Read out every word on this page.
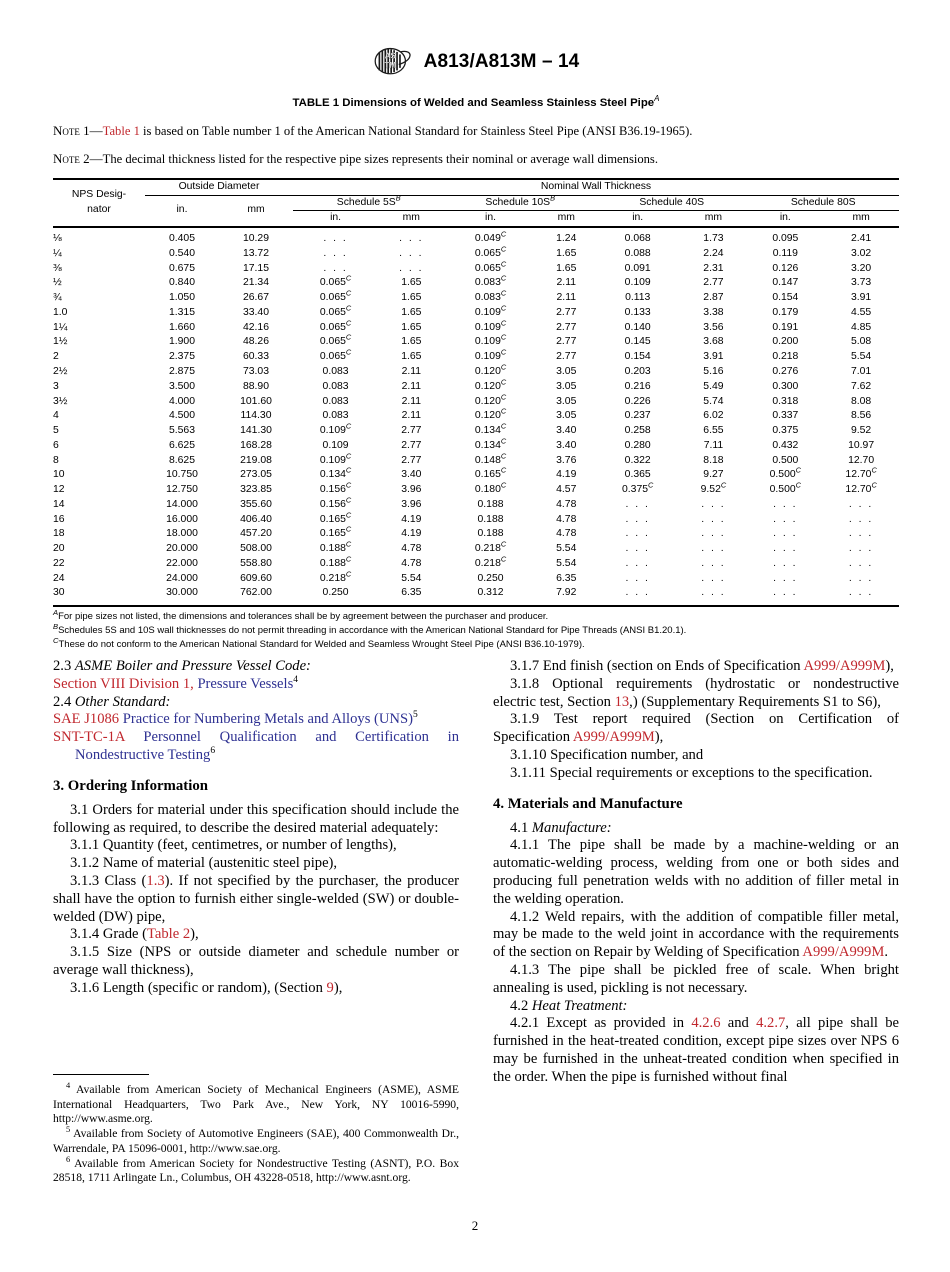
AS
TM A813/A813M – 14
TABLE 1 Dimensions of Welded and Seamless Stainless Steel Pipe$^A$
Note 1—Table 1 is based on Table number 1 of the American National Standard for Stainless Steel Pipe (ANSI B36.19-1965).
Note 2—The decimal thickness listed for the respective pipe sizes represents their nominal or average wall dimensions.
NPS Desig-
nator	Outside Diameter		Nominal Wall Thickness							
	in.	mm	Schedule $5S^B$		Schedule $10S^B$		Schedule 40S		Schedule 80S	
			in.	mm	in.	mm	in.	mm	in.	mm
⅛	0.405	10.29	. . .	. . .	$0.049^C$	1.24	0.068	1.73	0.095	2.41
¼	0.540	13.72	. . .	. . .	$0.065^C$	1.65	0.088	2.24	0.119	3.02
⅜	0.675	17.15	. . .	. . .	$0.065^C$	1.65	0.091	2.31	0.126	3.20
½	0.840	21.34	$0.065^C$	1.65	$0.083^C$	2.11	0.109	2.77	0.147	3.73
¾	1.050	26.67	$0.065^C$	1.65	$0.083^C$	2.11	0.113	2.87	0.154	3.91
1.0	1.315	33.40	$0.065^C$	1.65	$0.109^C$	2.77	0.133	3.38	0.179	4.55
1¼	1.660	42.16	$0.065^C$	1.65	$0.109^C$	2.77	0.140	3.56	0.191	4.85
1½	1.900	48.26	$0.065^C$	1.65	$0.109^C$	2.77	0.145	3.68	0.200	5.08
2	2.375	60.33	$0.065^C$	1.65	$0.109^C$	2.77	0.154	3.91	0.218	5.54
2½	2.875	73.03	0.083	2.11	$0.120^C$	3.05	0.203	5.16	0.276	7.01
3	3.500	88.90	0.083	2.11	$0.120^C$	3.05	0.216	5.49	0.300	7.62
3½	4.000	101.60	0.083	2.11	$0.120^C$	3.05	0.226	5.74	0.318	8.08
4	4.500	114.30	0.083	2.11	$0.120^C$	3.05	0.237	6.02	0.337	8.56
5	5.563	141.30	$0.109^C$	2.77	$0.134^C$	3.40	0.258	6.55	0.375	9.52
6	6.625	168.28	0.109	2.77	$0.134^C$	3.40	0.280	7.11	0.432	10.97
8	8.625	219.08	$0.109^C$	2.77	$0.148^C$	3.76	0.322	8.18	0.500	12.70
10	10.750	273.05	$0.134^C$	3.40	$0.165^C$	4.19	0.365	9.27	$0.500^C$	$12.70^C$
12	12.750	323.85	$0.156^C$	3.96	$0.180^C$	4.57	$0.375^C$	$9.52^C$	$0.500^C$	$12.70^C$
14	14.000	355.60	$0.156^C$	3.96	0.188	4.78	. . .	. . .	. . .	. . .
16	16.000	406.40	$0.165^C$	4.19	0.188	4.78	. . .	. . .	. . .	. . .
18	18.000	457.20	$0.165^C$	4.19	0.188	4.78	. . .	. . .	. . .	. . .
20	20.000	508.00	$0.188^C$	4.78	$0.218^C$	5.54	. . .	. . .	. . .	. . .
22	22.000	558.80	$0.188^C$	4.78	$0.218^C$	5.54	. . .	. . .	. . .	. . .
24	24.000	609.60	$0.218^C$	5.54	0.250	6.35	. . .	. . .	. . .	. . .
30	30.000	762.00	0.250	6.35	0.312	7.92	. . .	. . .	. . .	. . .
$^A$For pipe sizes not listed, the dimensions and tolerances shall be by agreement between the purchaser and producer.
$^B$Schedules 5S and 10S wall thicknesses do not permit threading in accordance with the American National Standard for Pipe Threads (ANSI B1.20.1).
$^C$These do not conform to the American National Standard for Welded and Seamless Wrought Steel Pipe (ANSI B36.10-1979).

2.3 ASME Boiler and Pressure Vessel Code:

Section VIII Division 1, Pressure Vessels$^4$

2.4 Other Standard:

SAE J1086 Practice for Numbering Metals and Alloys (UNS)$^5$

SNT-TC-1A Personnel Qualification and Certification in Nondestructive Testing$^6$

3. Ordering Information

3.1 Orders for material under this specification should include the following as required, to describe the desired material adequately:

3.1.1 Quantity (feet, centimetres, or number of lengths),

3.1.2 Name of material (austenitic steel pipe),

3.1.3 Class (1.3). If not specified by the purchaser, the producer shall have the option to furnish either single-welded (SW) or double-welded (DW) pipe,

3.1.4 Grade (Table 2),

3.1.5 Size (NPS or outside diameter and schedule number or average wall thickness),

3.1.6 Length (specific or random), (Section 9),

3.1.7 End finish (section on Ends of Specification A999/A999M),

3.1.8 Optional requirements (hydrostatic or nondestructive electric test, Section 13,) (Supplementary Requirements S1 to S6),

3.1.9 Test report required (Section on Certification of Specification A999/A999M),

3.1.10 Specification number, and

3.1.11 Special requirements or exceptions to the specification.

4. Materials and Manufacture

4.1 Manufacture:

4.1.1 The pipe shall be made by a machine-welding or an automatic-welding process, welding from one or both sides and producing full penetration welds with no addition of filler metal in the welding operation.

4.1.2 Weld repairs, with the addition of compatible filler metal, may be made to the weld joint in accordance with the requirements of the section on Repair by Welding of Specification A999/A999M.

4.1.3 The pipe shall be pickled free of scale. When bright annealing is used, pickling is not necessary.

4.2 Heat Treatment:

4.2.1 Except as provided in 4.2.6 and 4.2.7, all pipe shall be furnished in the heat-treated condition, except pipe sizes over NPS 6 may be furnished in the unheat-treated condition when specified in the order. When the pipe is furnished without final

$^4$ Available from American Society of Mechanical Engineers (ASME), ASME International Headquarters, Two Park Ave., New York, NY 10016-5990, http://www.asme.org.

$^5$ Available from Society of Automotive Engineers (SAE), 400 Commonwealth Dr., Warrendale, PA 15096-0001, http://www.sae.org.

$^6$ Available from American Society for Nondestructive Testing (ASNT), P.O. Box 28518, 1711 Arlingate Ln., Columbus, OH 43228-0518, http://www.asnt.org.

2
